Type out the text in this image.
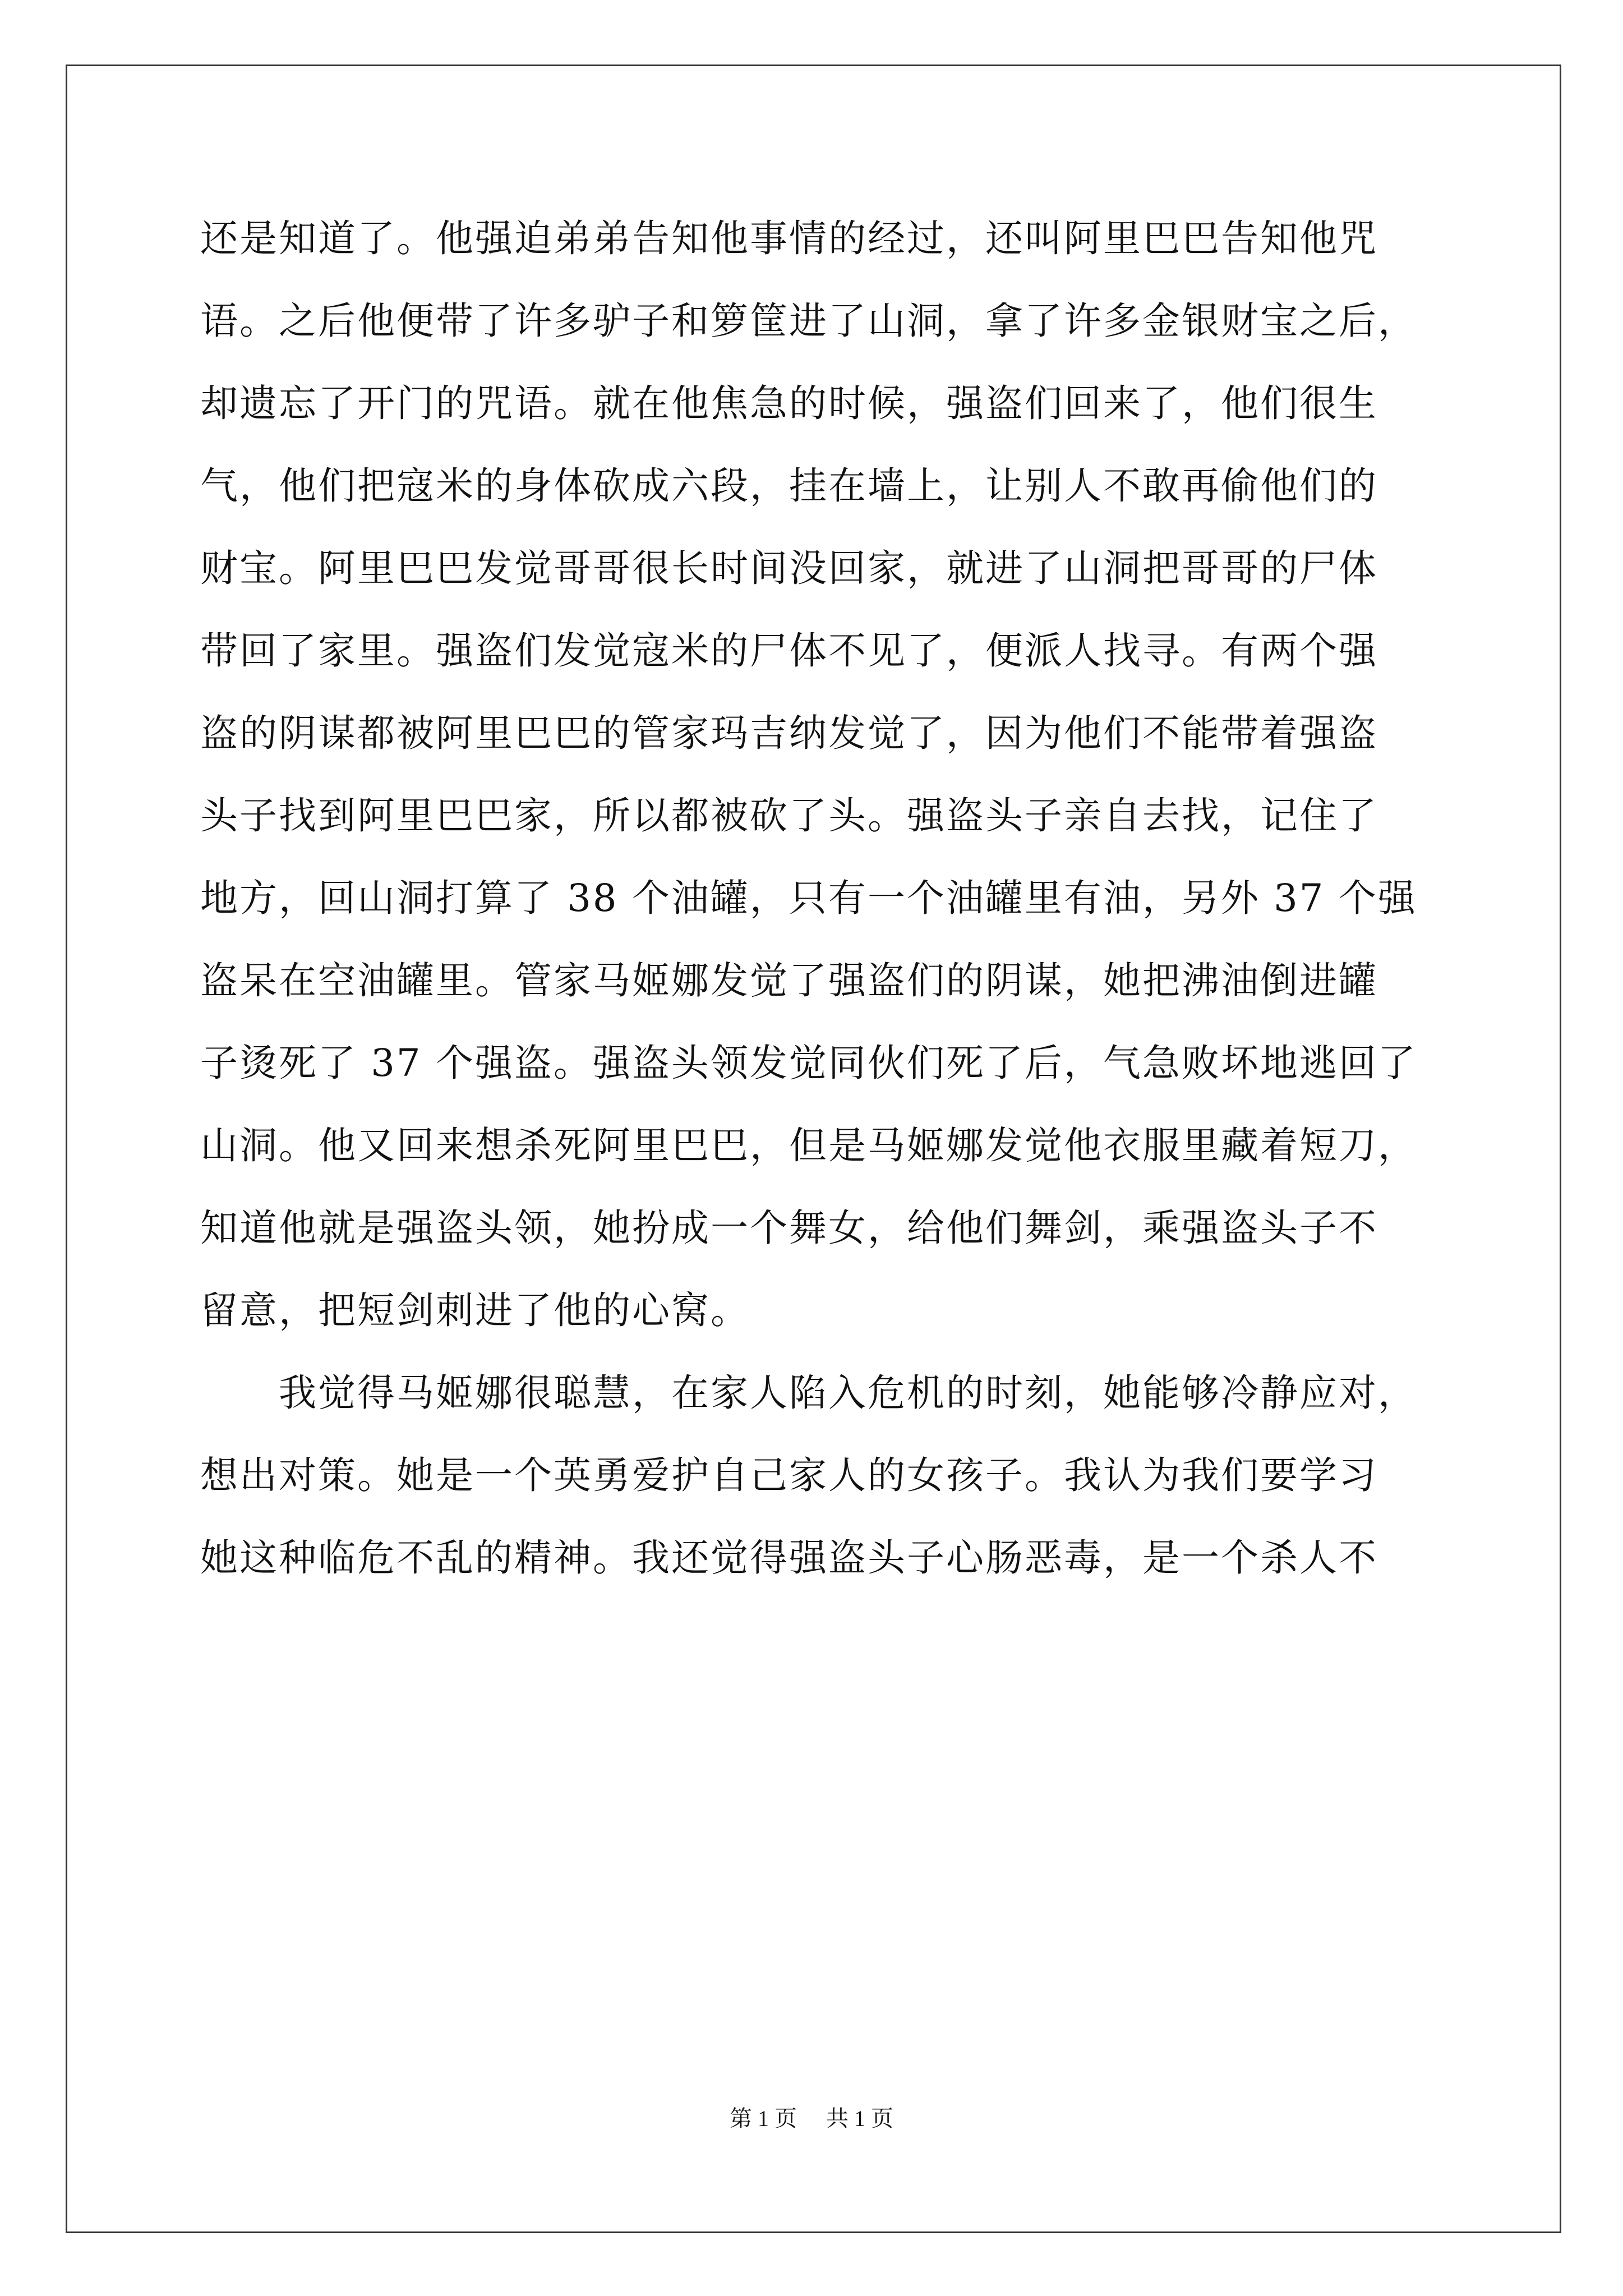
还是知道了。他强迫弟弟告知他事情的经过，还叫阿里巴巴告知他咒
语。之后他便带了许多驴子和箩筐进了山洞，拿了许多金银财宝之后，
却遗忘了开门的咒语。就在他焦急的时候，强盗们回来了，他们很生
气，他们把寇米的身体砍成六段，挂在墙上，让别人不敢再偷他们的
财宝。阿里巴巴发觉哥哥很长时间没回家，就进了山洞把哥哥的尸体
带回了家里。强盗们发觉寇米的尸体不见了，便派人找寻。有两个强
盗的阴谋都被阿里巴巴的管家玛吉纳发觉了，因为他们不能带着强盗
头子找到阿里巴巴家，所以都被砍了头。强盗头子亲自去找，记住了
地方，回山洞打算了 38 个油罐，只有一个油罐里有油，另外 37 个强
盗呆在空油罐里。管家马姬娜发觉了强盗们的阴谋，她把沸油倒进罐
子烫死了 37 个强盗。强盗头领发觉同伙们死了后，气急败坏地逃回了
山洞。他又回来想杀死阿里巴巴，但是马姬娜发觉他衣服里藏着短刀，
知道他就是强盗头领，她扮成一个舞女，给他们舞剑，乘强盗头子不
留意，把短剑刺进了他的心窝。
我觉得马姬娜很聪慧，在家人陷入危机的时刻，她能够冷静应对，
想出对策。她是一个英勇爱护自己家人的女孩子。我认为我们要学习
她这种临危不乱的精神。我还觉得强盗头子心肠恶毒，是一个杀人不
第 1 页 共 1 页
